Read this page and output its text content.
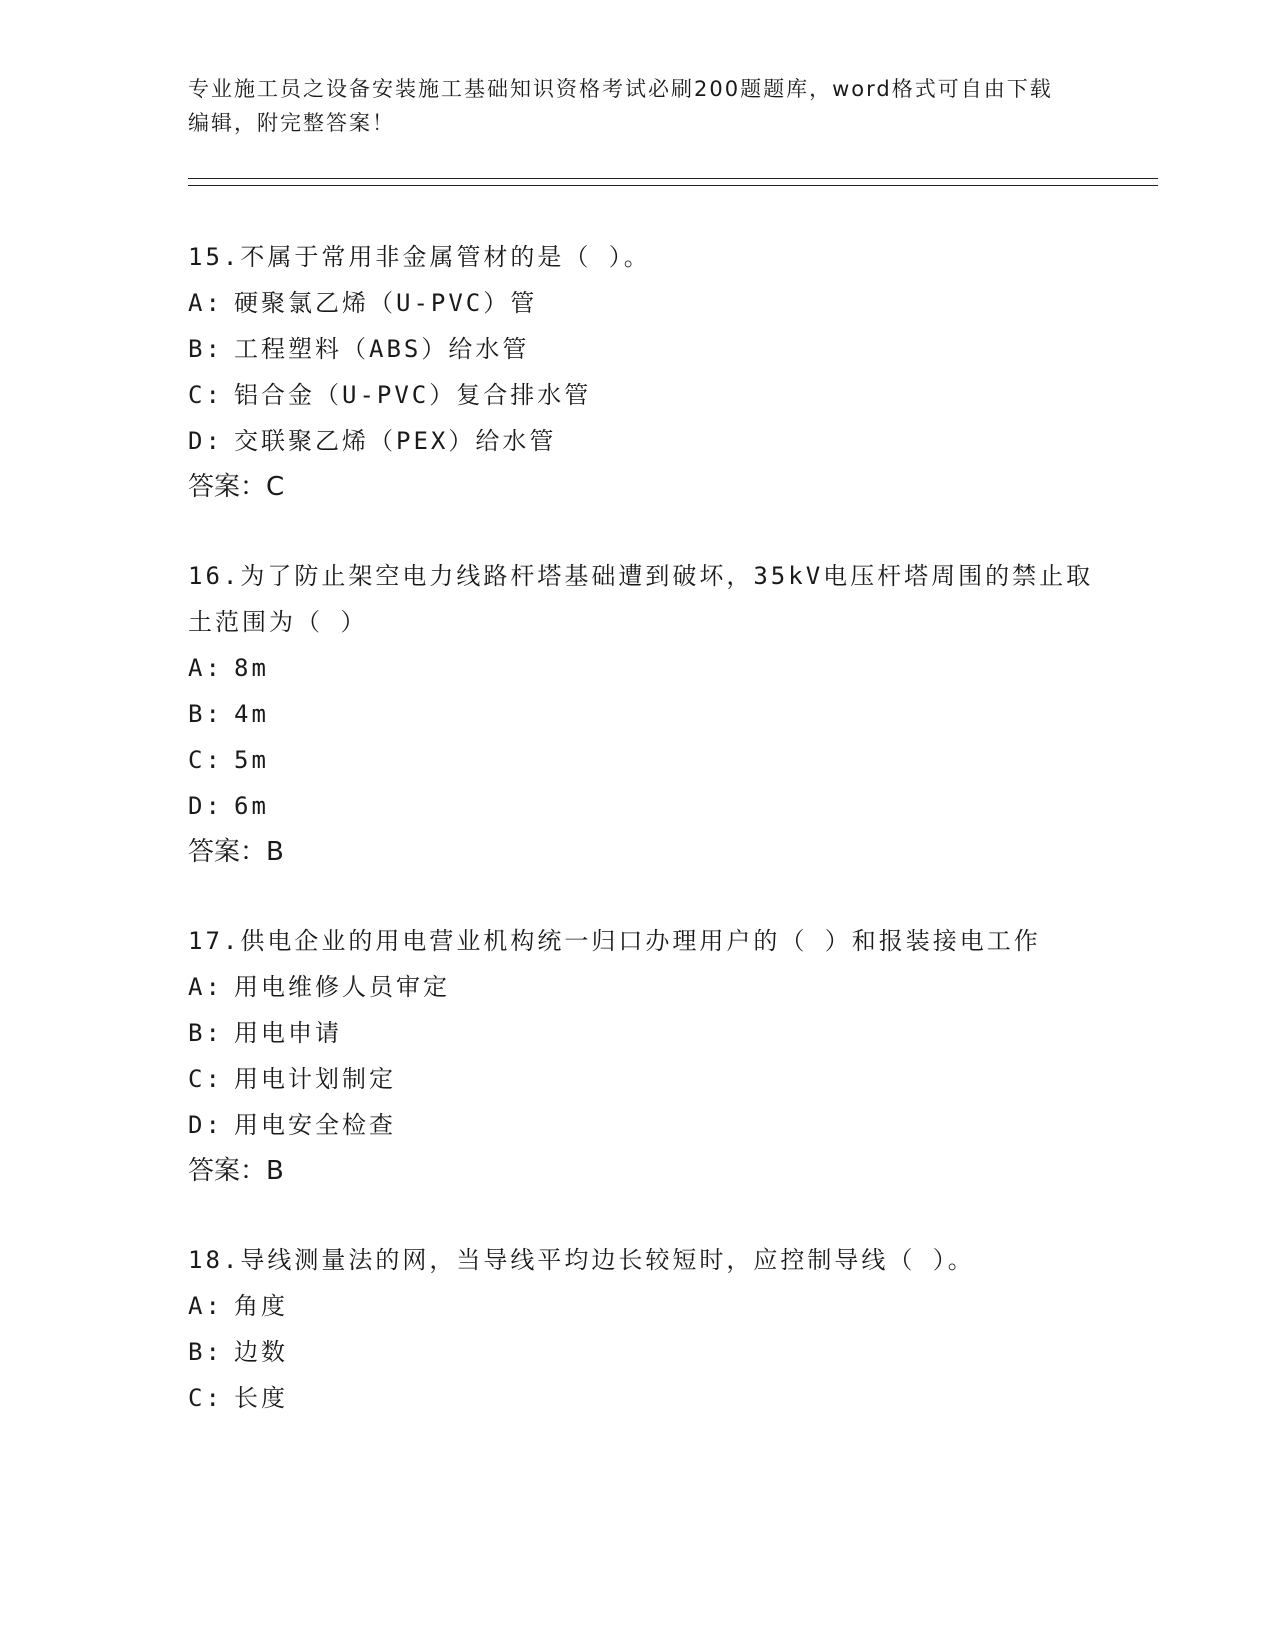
专业施工员之设备安装施工基础知识资格考试必刷200题题库，word格式可自由下载编辑，附完整答案！

15.不属于常用非金属管材的是（ ）。

A: 硬聚氯乙烯（U-PVC）管

B: 工程塑料（ABS）给水管

C: 铝合金（U-PVC）复合排水管

D: 交联聚乙烯（PEX）给水管

答案：C

16.为了防止架空电力线路杆塔基础遭到破坏，35kV电压杆塔周围的禁止取土范围为（ ）

A: 8m

B: 4m

C: 5m

D: 6m

答案：B

17.供电企业的用电营业机构统一归口办理用户的（ ）和报装接电工作

A: 用电维修人员审定

B: 用电申请

C: 用电计划制定

D: 用电安全检查

答案：B

18.导线测量法的网，当导线平均边长较短时，应控制导线（ ）。

A: 角度

B: 边数

C: 长度
